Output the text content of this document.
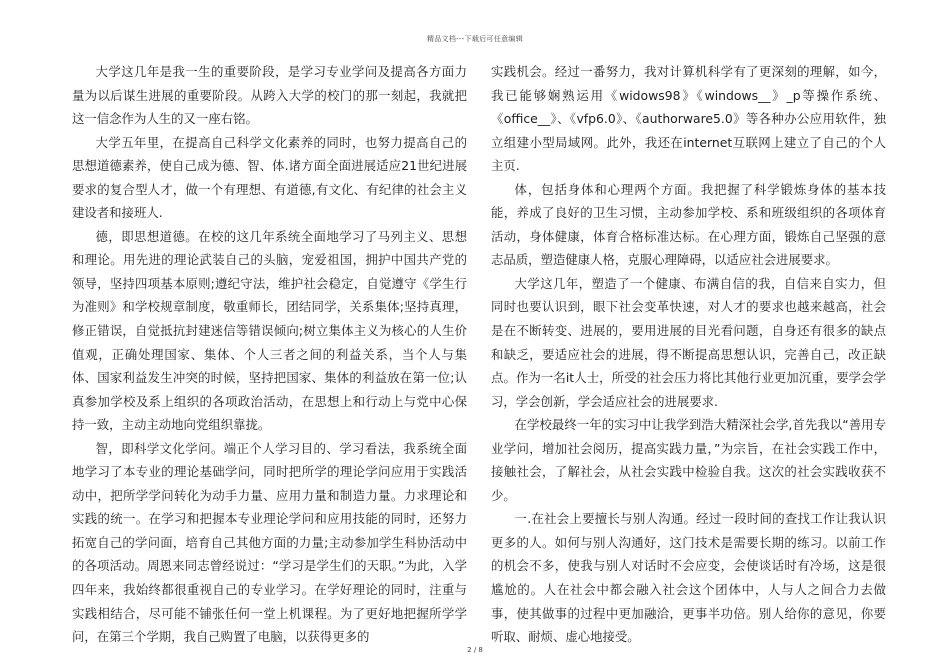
精品文档---下载后可任意编辑

大学这几年是我一生的重要阶段，是学习专业学问及提高各方面力量为以后谋生进展的重要阶段。从跨入大学的校门的那一刻起，我就把这一信念作为人生的又一座右铭。

大学五年里，在提高自己科学文化素养的同时，也努力提高自己的思想道德素养，使自己成为德、智、体.诸方面全面进展适应21世纪进展要求的复合型人才，做一个有理想、有道德,有文化、有纪律的社会主义建设者和接班人.

德，即思想道德。在校的这几年系统全面地学习了马列主义、思想和理论。用先进的理论武装自己的头脑，宠爱祖国，拥护中国共产党的领导，坚持四项基本原则;遵纪守法，维护社会稳定，自觉遵守《学生行为准则》和学校规章制度，敬重师长，团结同学，关系集体;坚持真理，修正错误，自觉抵抗封建迷信等错误倾向;树立集体主义为核心的人生价值观，正确处理国家、集体、个人三者之间的利益关系，当个人与集体、国家利益发生冲突的时候，坚持把国家、集体的利益放在第一位;认真参加学校及系上组织的各项政治活动，在思想上和行动上与党中心保持一致，主动主动地向党组织靠拢。

智，即科学文化学问。端正个人学习目的、学习看法，我系统全面地学习了本专业的理论基础学问，同时把所学的理论学问应用于实践活动中，把所学学问转化为动手力量、应用力量和制造力量。力求理论和实践的统一。在学习和把握本专业理论学问和应用技能的同时，还努力拓宽自己的学问面，培育自己其他方面的力量;主动参加学生科协活动中的各项活动。周恩来同志曾经说过：“学习是学生们的天职。”为此，入学四年来，我始终都很重视自己的专业学习。在学好理论的同时，注重与实践相结合，尽可能不铺张任何一堂上机课程。为了更好地把握所学学问，在第三个学期，我自己购置了电脑，以获得更多的

实践机会。经过一番努力，我对计算机科学有了更深刻的理解，如今，我已能够娴熟运用《widows98》《windows__》_p等操作系统、《office__》、《vfp6.0》、《authorware5.0》等各种办公应用软件，独立组建小型局域网。此外，我还在internet互联网上建立了自己的个人主页.

体，包括身体和心理两个方面。我把握了科学锻炼身体的基本技能，养成了良好的卫生习惯，主动参加学校、系和班级组织的各项体育活动，身体健康，体育合格标准达标。在心理方面，锻炼自己坚强的意志品质，塑造健康人格，克服心理障碍，以适应社会进展要求。

大学这几年，塑造了一个健康、布满自信的我，自信来自实力，但同时也要认识到，眼下社会变革快速，对人才的要求也越来越高，社会是在不断转变、进展的，要用进展的目光看问题，自身还有很多的缺点和缺乏，要适应社会的进展，得不断提高思想认识，完善自己，改正缺点。作为一名it人士，所受的社会压力将比其他行业更加沉重，要学会学习，学会创新，学会适应社会的进展要求.

在学校最终一年的实习中让我学到浩大精深社会学,首先我以“善用专业学问，增加社会阅历，提高实践力量，”为宗旨，在社会实践工作中，接触社会，了解社会，从社会实践中检验自我。这次的社会实践收获不少。

一.在社会上要擅长与别人沟通。经过一段时间的查找工作让我认识更多的人。如何与别人沟通好，这门技术是需要长期的练习。以前工作的机会不多，使我与别人对话时不会应变，会使谈话时有冷场，这是很尴尬的。人在社会中都会融入社会这个团体中，人与人之间合力去做事，使其做事的过程中更加融洽，更事半功倍。别人给你的意见，你要听取、耐烦、虚心地接受。

2 / 8
